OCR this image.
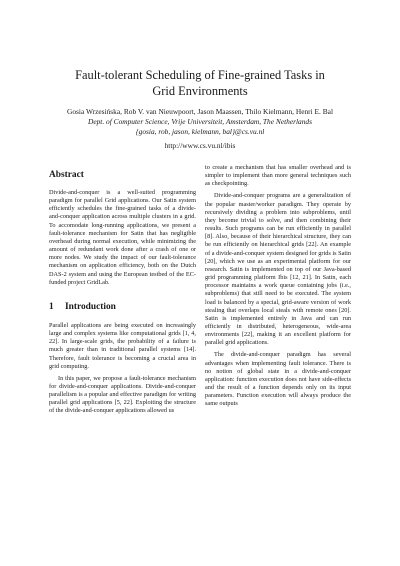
Fault-tolerant Scheduling of Fine-grained Tasks in
Grid Environments
Gosia Wrzesińska, Rob V. van Nieuwpoort, Jason Maassen, Thilo Kielmann, Henri E. Bal
Dept. of Computer Science, Vrije Universiteit, Amsterdam, The Netherlands
{gosia, rob, jason, kielmann, bal}@cs.vu.nl
http://www.cs.vu.nl/ibis
Abstract

Divide-and-conquer is a well-suited programming paradigm for parallel Grid applications. Our Satin system efficiently schedules the fine-grained tasks of a divide-and-conquer application across multiple clusters in a grid. To accomodate long-running applications, we present a fault-tolerance mechanism for Satin that has negligible overhead during normal execution, while minimizing the amount of redundant work done after a crash of one or more nodes. We study the impact of our fault-tolerance mechanism on application efficiency, both on the Dutch DAS-2 system and using the European testbed of the EC-funded project GridLab.

1 Introduction

Parallel applications are being executed on increasingly large and complex systems like computational grids [1, 4, 22]. In large-scale grids, the probability of a failure is much greater than in traditional parallel systems [14]. Therefore, fault tolerance is becoming a crucial area in grid computing.

In this paper, we propose a fault-tolerance mechanism for divide-and-conquer applications. Divide-and-conquer parallelism is a popular and effective paradigm for writing parallel grid applications [5, 22]. Exploiting the structure of the divide-and-conquer applications allowed us

to create a mechanism that has smaller overhead and is simpler to implement than more general techniques such as checkpointing.

Divide-and-conquer programs are a generalization of the popular master/worker paradigm. They operate by recursively dividing a problem into subproblems, until they become trivial to solve, and then combining their results. Such programs can be run efficiently in parallel [8]. Also, because of their hierarchical structure, they can be run efficiently on hierarchical grids [22]. An example of a divide-and-conquer system designed for grids is Satin [20], which we use as an experimental platform for our research. Satin is implemented on top of our Java-based grid programming platform Ibis [12, 21]. In Satin, each processor maintains a work queue containing jobs (i.e., subproblems) that still need to be executed. The system load is balanced by a special, grid-aware version of work stealing that overlaps local steals with remote ones [20]. Satin is implemented entirely in Java and can run efficiently in distributed, heterogeneous, wide-area environments [22], making it an excellent platform for parallel grid applications.

The divide-and-conquer paradigm has several advantages when implementing fault tolerance. There is no notion of global state in a divide-and-conquer application: function execution does not have side-effects and the result of a function depends only on its input parameters. Function execution will always produce the same outputs
